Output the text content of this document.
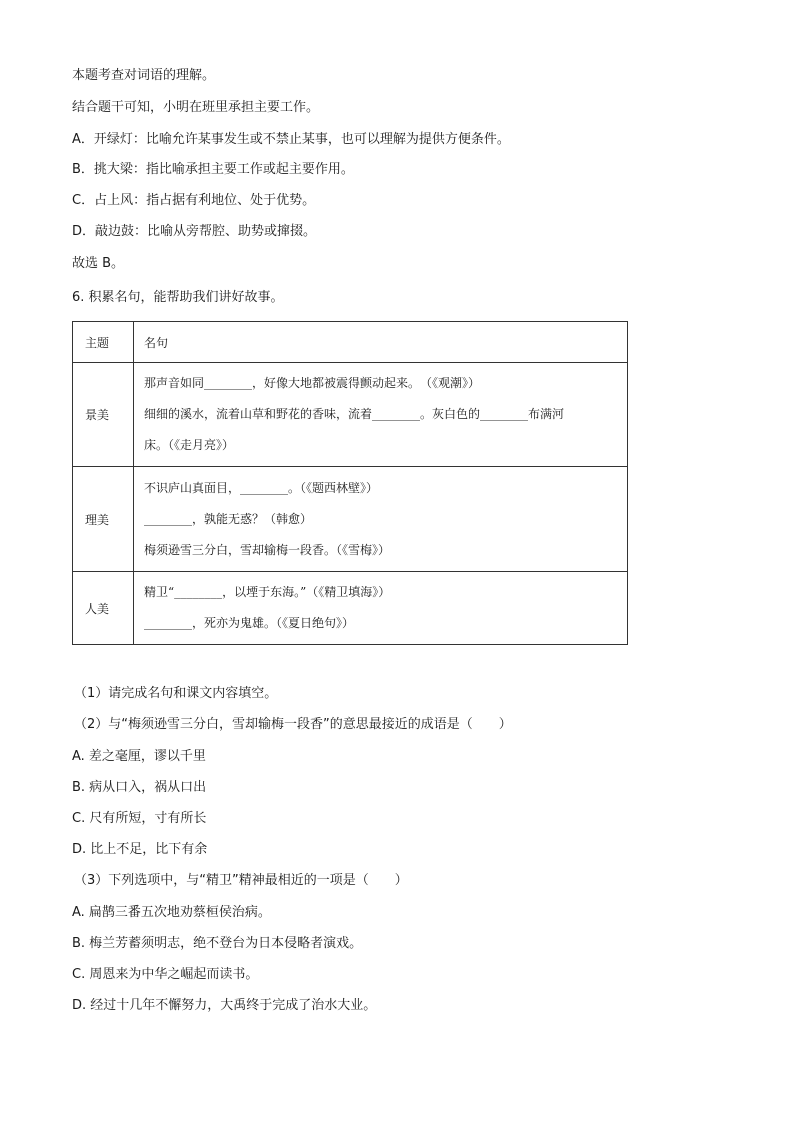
本题考查对词语的理解。
结合题干可知，小明在班里承担主要工作。
A．开绿灯：比喻允许某事发生或不禁止某事，也可以理解为提供方便条件。
B．挑大梁：指比喻承担主要工作或起主要作用。
C．占上风：指占据有利地位、处于优势。
D．敲边鼓：比喻从旁帮腔、助势或撺掇。
故选 B。
6. 积累名句，能帮助我们讲好故事。
主题	名句
景美	那声音如同________，好像大地都被震得颤动起来。　（《观潮》）
细细的溪水，流着山草和野花的香味，流着________。灰白色的________布满河
床。（《走月亮》）

理美	不识庐山真面目，________。（《题西林壁》）
________，孰能无惑？（韩愈）
梅须逊雪三分白，雪却输梅一段香。（《雪梅》）

人美	精卫“________，以堙于东海。”（《精卫填海》）
________，死亦为鬼雄。（《夏日绝句》）
（1）请完成名句和课文内容填空。
（2）与“梅须逊雪三分白，雪却输梅一段香”的意思最接近的成语是（　　）
A. 差之毫厘，谬以千里
B. 病从口入，祸从口出
C. 尺有所短，寸有所长
D. 比上不足，比下有余
（3）下列选项中，与“精卫”精神最相近的一项是（　　）
A. 扁鹊三番五次地劝蔡桓侯治病。
B. 梅兰芳蓄须明志，绝不登台为日本侵略者演戏。
C. 周恩来为中华之崛起而读书。
D. 经过十几年不懈努力，大禹终于完成了治水大业。
